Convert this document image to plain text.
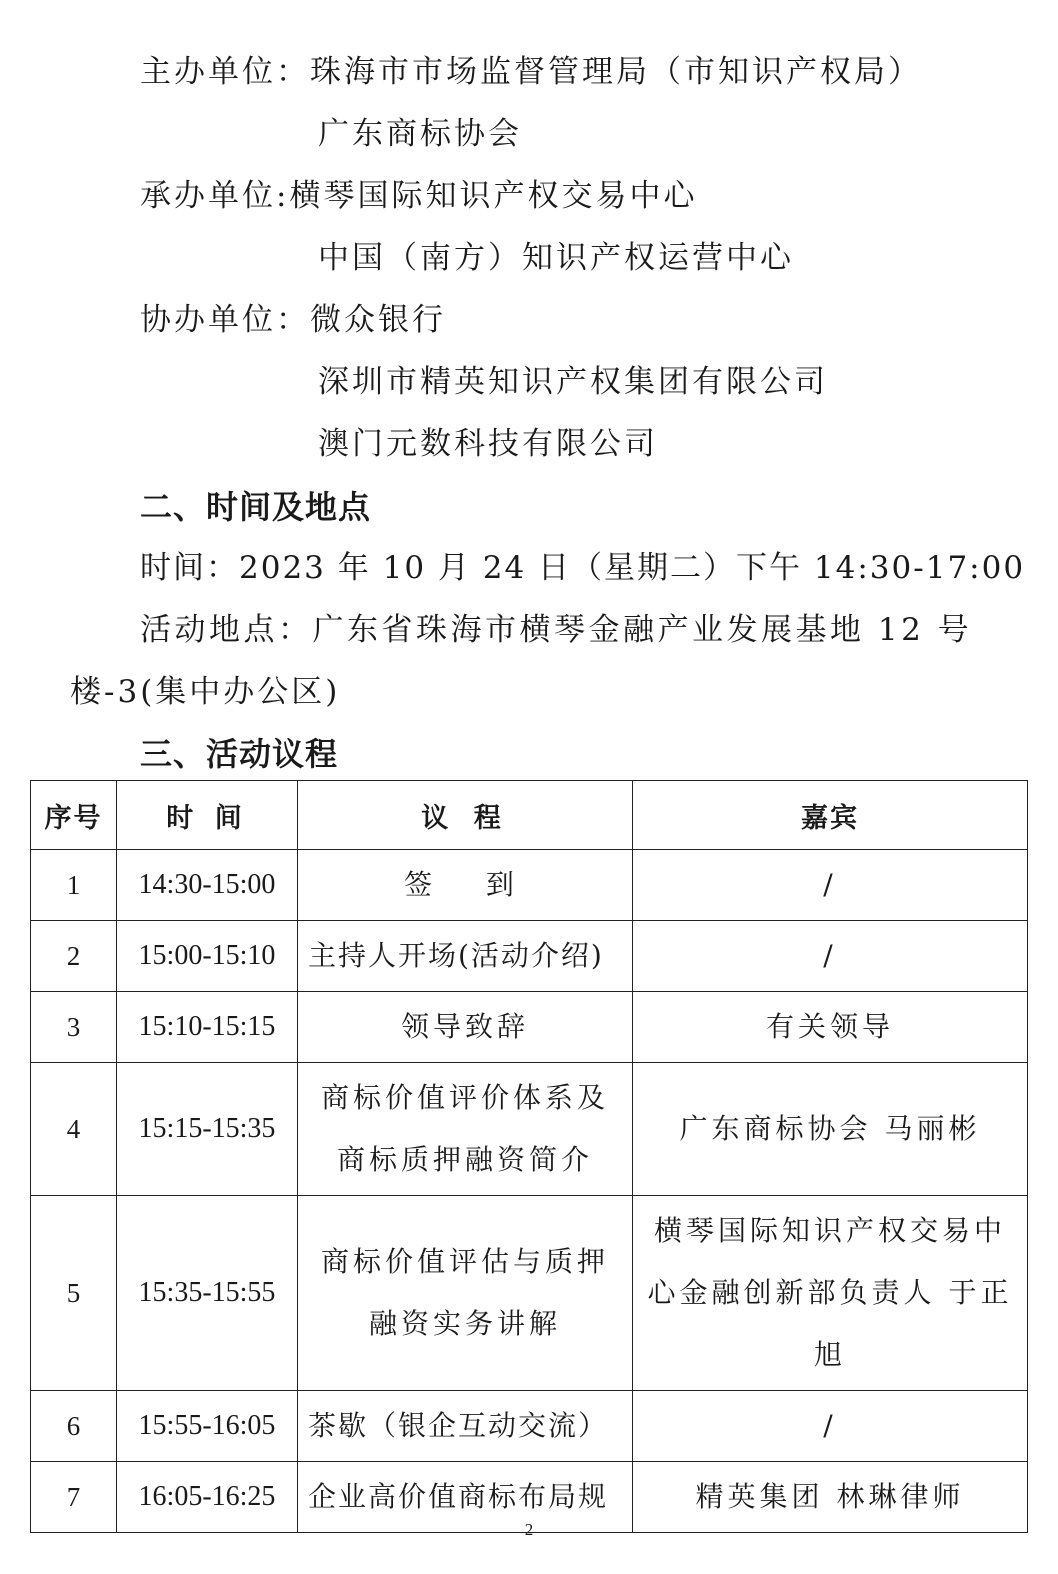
主办单位：珠海市市场监督管理局（市知识产权局）
广东商标协会
承办单位:横琴国际知识产权交易中心
中国（南方）知识产权运营中心
协办单位：微众银行
深圳市精英知识产权集团有限公司
澳门元数科技有限公司
二、时间及地点
时间：2023 年 10 月 24 日（星期二）下午 14:30-17:00
活动地点：广东省珠海市横琴金融产业发展基地 12 号
楼-3(集中办公区)
三、活动议程
序号	时 间	议 程	嘉宾
1	14:30-15:00	签  到	/
2	15:00-15:10	主持人开场(活动介绍)	/
3	15:10-15:15	领导致辞	有关领导
4	15:15-15:35	商标价值评价体系及商标质押融资简介	广东商标协会 马丽彬
5	15:35-15:55	商标价值评估与质押融资实务讲解	横琴国际知识产权交易中心金融创新部负责人 于正旭
6	15:55-16:05	茶歇（银企互动交流）	/
7	16:05-16:25	企业高价值商标布局规	精英集团 林琳律师
2
